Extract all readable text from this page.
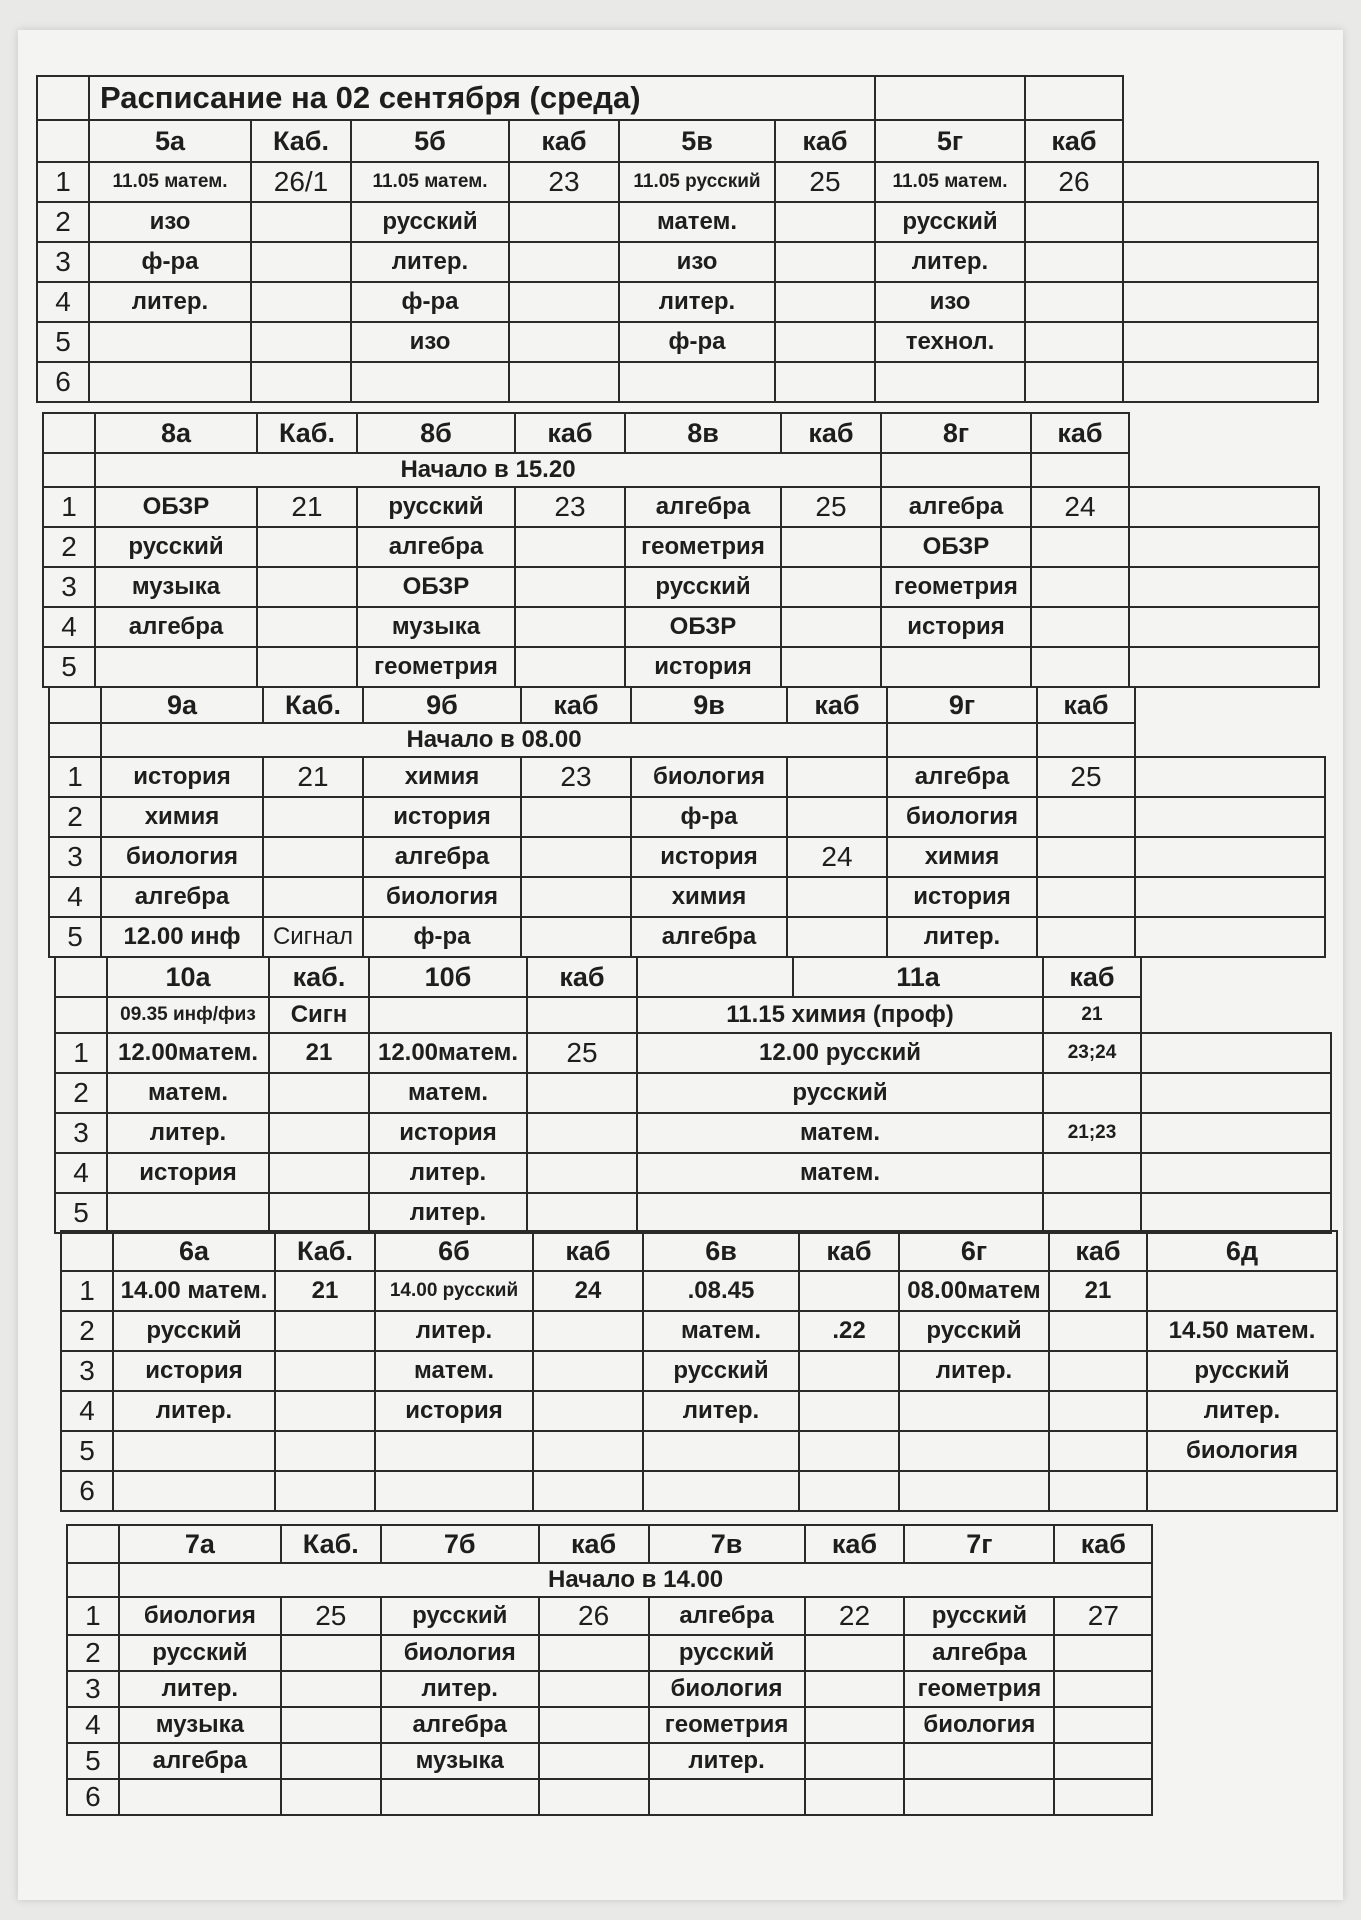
	Расписание на 02 сентября (среда)								
	5а	Каб.	5б	каб	5в	каб	5г	каб	
1	11.05 матем.	26/1	11.05 матем.	23	11.05 русский	25	11.05 матем.	26	
2	изо		русский		матем.		русский		
3	ф-ра		литер.		изо		литер.		
4	литер.		ф-ра		литер.		изо		
5			изо		ф-ра		технол.		
6									
	8а	Каб.	8б	каб	8в	каб	8г	каб	
	Начало в 15.20								
1	ОБЗР	21	русский	23	алгебра	25	алгебра	24	
2	русский		алгебра		геометрия		ОБЗР		
3	музыка		ОБЗР		русский		геометрия		
4	алгебра		музыка		ОБЗР		история		
5			геометрия		история				
	9а	Каб.	9б	каб	9в	каб	9г	каб	
	Начало в 08.00								
1	история	21	химия	23	биология		алгебра	25	
2	химия		история		ф-ра		биология		
3	биология		алгебра		история	24	химия		
4	алгебра		биология		химия		история		
5	12.00 инф	Сигнал	ф-ра		алгебра		литер.		
	10а	каб.	10б	каб		11а	каб	
	09.35 инф/физ	Сигн			11.15 химия (проф)		21	
1	12.00матем.	21	12.00матем.	25	12.00 русский		23;24	
2	матем.		матем.		русский			
3	литер.		история		матем.		21;23	
4	история		литер.		матем.			
5			литер.					
	6а	Каб.	6б	каб	6в	каб	6г	каб	6д
1	14.00 матем.	21	14.00 русский	24	.08.45		08.00матем	21	
2	русский		литер.		матем.	.22	русский		14.50 матем.
3	история		матем.		русский		литер.		русский
4	литер.		история		литер.				литер.
5									биология
6									
	7а	Каб.	7б	каб	7в	каб	7г	каб	
	Начало в 14.00								
1	биология	25	русский	26	алгебра	22	русский	27	
2	русский		биология		русский		алгебра		
3	литер.		литер.		биология		геометрия		
4	музыка		алгебра		геометрия		биология		
5	алгебра		музыка		литер.				
6									
